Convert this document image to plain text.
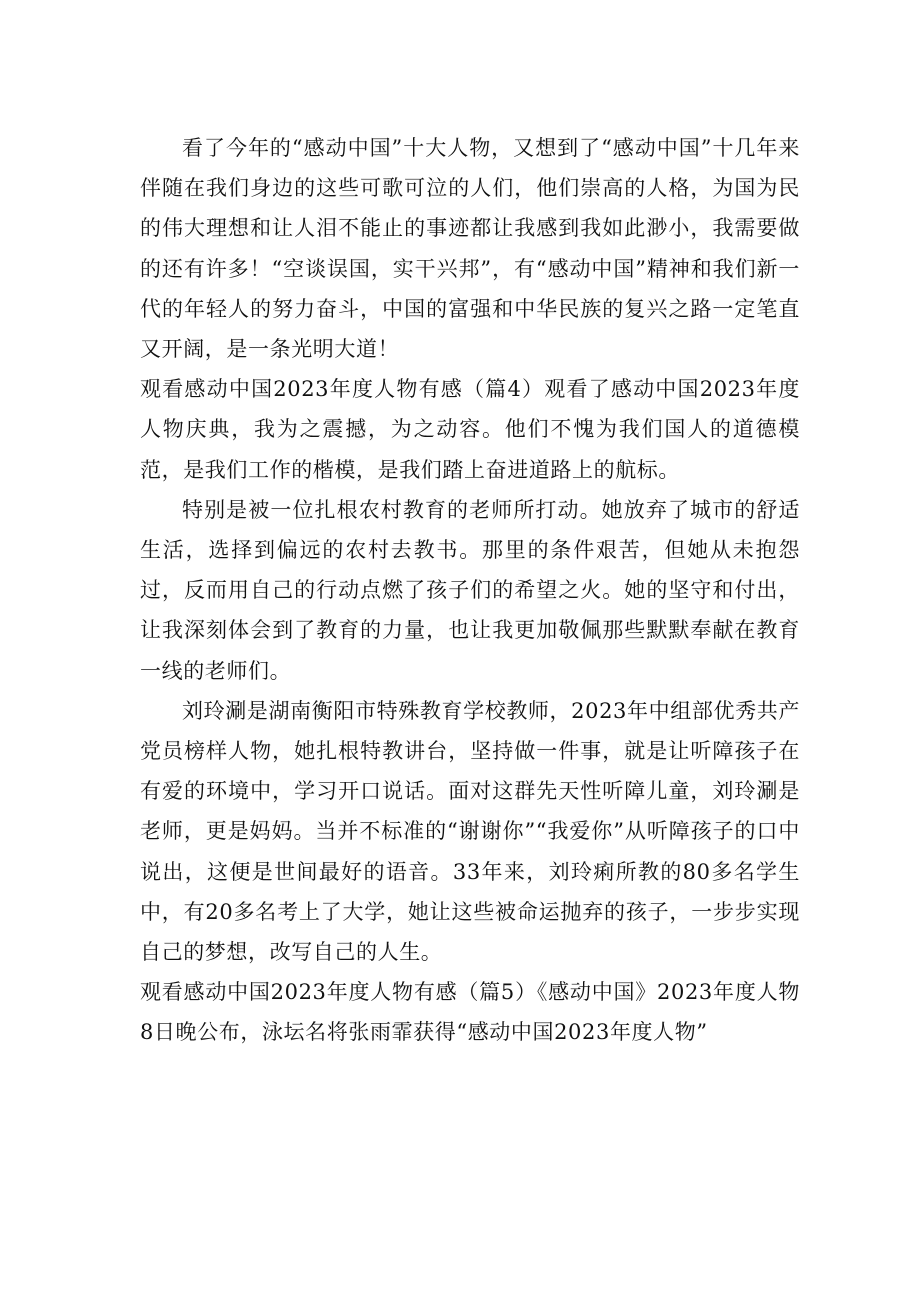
看了今年的“感动中国”十大人物，又想到了“感动中国”十几年来伴随在我们身边的这些可歌可泣的人们，他们崇高的人格，为国为民的伟大理想和让人泪不能止的事迹都让我感到我如此渺小，我需要做的还有许多！“空谈误国，实干兴邦”，有“感动中国”精神和我们新一代的年轻人的努力奋斗，中国的富强和中华民族的复兴之路一定笔直又开阔，是一条光明大道！

观看感动中国2023年度人物有感（篇4）观看了感动中国2023年度人物庆典，我为之震撼，为之动容。他们不愧为我们国人的道德模范，是我们工作的楷模，是我们踏上奋进道路上的航标。

特别是被一位扎根农村教育的老师所打动。她放弃了城市的舒适生活，选择到偏远的农村去教书。那里的条件艰苦，但她从未抱怨过，反而用自己的行动点燃了孩子们的希望之火。她的坚守和付出，让我深刻体会到了教育的力量，也让我更加敬佩那些默默奉献在教育一线的老师们。

刘玲涮是湖南衡阳市特殊教育学校教师，2023年中组部优秀共产党员榜样人物，她扎根特教讲台，坚持做一件事，就是让听障孩子在有爱的环境中，学习开口说话。面对这群先天性听障儿童，刘玲涮是老师，更是妈妈。当并不标准的“谢谢你”“我爱你”从听障孩子的口中说出，这便是世间最好的语音。33年来，刘玲痢所教的80多名学生中，有20多名考上了大学，她让这些被命运抛弃的孩子，一步步实现自己的梦想，改写自己的人生。

观看感动中国2023年度人物有感（篇5）《感动中国》2023年度人物8日晚公布，泳坛名将张雨霏获得“感动中国2023年度人物”
